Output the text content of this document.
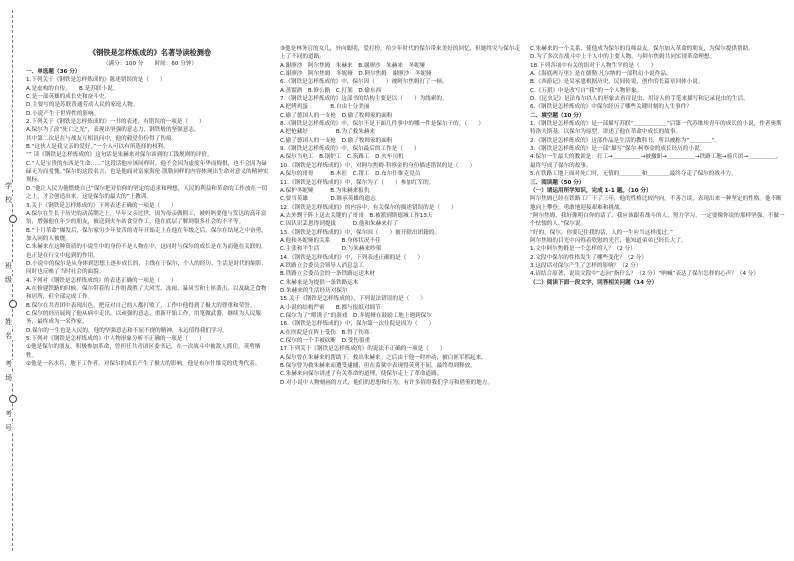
学
校
班
级
姓
名
考
场
考
号
《钢铁是怎样炼成的》名著导读检测卷
（满分：100 分　　时间：60 分钟）
一、单选题（36 分）
1.下列关于《钢铁是怎样炼成的》陈述错误的是（　　）
A.是虚构的自传。　　B.是苏联小说。
C.是一部英雄的成长史和奋斗史。
D.主要写的是苏联普通劳动人民的家庭人物。
D.小说产生于世界性的影响。
2.下列关于《钢铁是怎样炼成的》一书的表述，有错误的一项是（　　）
A.保尔为了改“死亡之光”，表现出坚强的意志力，钢铁般的坚强意志。
其中第二次是在与战友互相讯问中，他的毅党份份得了伤痕。
B.“这伙人是我父亲的爱好。”一个人可以有所选择的权利。
“” 读《钢铁是怎样炼成的》这句话是朱赫来对保尔谈到的工钱规则的评价。
C.“人是宝贵的东西是生命……”这段话他应该同样时，他不会因为虚度年华而悔恨，也不会因为碌碌无为而羞愧。”保尔的这段名言，也是他面对富家海伦·凯勒同样的内容体现出生命对意义的精神实现标。
D.“他让人民为他燃烧自己”保尔把对信仰的坚定的追求和理想，人民的利益和革命的工作放在一切之上，才会创造出来，这是保尔的最大的”上教训。
3.关于《钢铁是怎样炼成的》下列表述正确的一项是（　　）
A.保尔在生长于历史的动荡期之上，早年父亲过世，因为母亲做佣工，被妈妈要他与发达的高年富翁，增强他在年少的朋友，被送到火车站食堂作工，他在底层了解到很多社会的不平等。
B.“十月革命”爆发后，保尔家穷少年贫苦的青年开始走上在他在年级之后，保尔在结尾之中奋勇，加入同的人被烧。
C.朱赫来在这种资质的小说生中的身份不是人物在中，这同时与保尔的成长是在为而他在关联的，也正是在行文中起到的作用。
D.小说中的保尔是从身体到思想上逐步成长的，主线在于保尔，个人的经历、生活是时代的缩影，同时也反映了当时社会的面貌。
4.下列对《钢铁是怎样炼成的》的表述正确的一项是（　　）
A.在修建铁路的时候，保尔带着的工作组战胜了大风雪、冻雨、暴风雪和土匪袭击，以及缺乏食物和居所，但全部完成工作。
B.保尔在共青团中表现出色，把反对自己的人都打败了，工作中他得到了极大的尊重和荣誉。
C.保尔的经历展现了他从病中走出，以顽强的意志，重新开始工作，用笔做武器，继续为人民服务，最终成为一名作家。
D.保尔的一生也是人民的，他的坚强意志和不屈不挠的精神，永远值得我们学习。
5.下列对《钢铁是怎样炼成的》中人物形象分析不正确的一项是（　　）
①他是保尔的朋友，积极参加革命，曾担任共青团区委书记，在一次战斗中被敌人抓住，英勇牺牲。
②他是一名水兵，地下工作者，对保尔的成长产生了极大的影响，他是布尔什维克的优秀代表。
③他是林务官的女儿，外向聪明，爱打扮，给少年时代的保尔带来美好的回忆，但她终究与保尔走上了不同的道路。
A.谢廖沙　阿尔焦姆　朱赫来　B.谢廖沙　朱赫来　冬妮娅
C.谢廖沙　阿尔焦姆　冬妮娅　D.阿尔焦姆　谢廖沙　冬妮娅
6.《钢铁是怎样炼成的》中，保尔因（　　）被阿尔焦姆打了一顿。
A.蒸馏酒　B.修公路　C.打架　D.偷东西
7.《钢铁是怎样炼成的》这部书的结构主要是以（　　）为线索的。
A.把烤鸡蛋　　　　B.自由十分美丽
C.偷了德国人的一支枪　D.偷了牧师家的面粉
8.《钢铁是怎样炼成的》中，保尔不是下面几件事中的哪一件是保尔干的。（　　）
A.把枪藏好　　　　　B.为了救朱赫来
C.偷了德国人的一支枪　D.偷了牧师家的面粉
9.《钢铁是怎样炼成的》中，保尔最后的工作是（　　）
A.保尔当电工　B.锅炉工　C.筑路工　D.火车司机
10.《钢铁是怎样炼成的》中，对阿尔焦姆·科察金的身份描述错误的是（　　）
A.保尔的哥哥　　　B.木匠　C.钳工　D.布尔什维克党员
11.《钢铁是怎样炼成的》中，保尔为了（　　）参加红军的。
A.保护冬妮娅　　　B.为朱赫来报仇
C.要当英雄　　　　D.继承英雄的遗志
12.《钢铁是怎样炼成的》的内容中，有关保尔的描述错误的是（　　）
A.去外甥干阵上送去关键的了哥哥　B.被派到斯德城工作13天
C.因认识丢恩得到提拔　　　D.他和朱赫来打了
13.《钢铁是怎样炼成的》中，保尔因（　　）被开除出团籍的。
A.他和冬妮娅的关系　　B.身体状况不佳
C.主张和平生活　　　　D.与朱赫来吵架
14.《钢铁是怎样炼成的》中，下列表述正确的是（　　）
A.铁路立会委员会领导人消息急工
B.铁路立会委员会的一条铁路运送木材
C.朱赫来是为提供一条铁路运木
D.朱赫来的生活经历对保尔
15.关于《钢铁是怎样炼成的》，下列说法错误的是（　　）
A.小说的结构严密　　B.都与报纸对细节
C.保尔为了“喂诱子”的游戏　D.冬妮娅在鼓励工地上遇到保尔
16.《钢铁是怎样炼成的》中，保尔第一次住院是因为（　　）
A.在医院是在阵上受伤　B.得了伤寒
C.保尔的一个手被砍断　D.受伤很重
17.下列关于《钢铁是怎样炼成的》的说法不正确的一项是（　　）
A.保尔曾在朱赫来的帮助下，救出朱赫来。之后由于他一时冲动，被白匪军抓起来。
B.保尔曾为救朱赫来而遭受逮捕，但在监狱中表现得英勇不屈，最终得到释放。
C.朱赫来向保尔讲述了有关革命的道理，使保尔走上了革命道路。
D.对小说中人物刻画的方式，他们的思想和行为，有许多值得我们学习和借鉴的地方。
C.朱赫来的一个关系，使他成为保尔的良师益友。保尔加入革命的朋友，为保尔提供帮助。
D.为了多次在战斗中上千人中的主要人物，与阿尔焦姆共同实现革命理想。
18.下列各项中有关的组对于人物生平的是（　　）
A.《海底两万里》是在儒勒·凡尔纳的一部科幻小说作品。
B.《西游记》是吴承恩根据历史、民间传说，创作的长篇章回体小说。
C.《五猎》中是改写自“我”的一个人物形象。
D.《昆虫记》是法布尔以人的形象去看待昆虫，用诗人的手笔来描写和记录昆虫的生活。
6.《钢铁是怎样炼成的》中保尔经历了哪些关键时刻的人生事件？
二、填空题（10 分）
1.《钢铁是怎样炼成的》是一部描写苏联“＿＿＿＿＿＿”后第一代苏维埃青年的成长的小说，作者奥斯特洛夫斯基，以保尔为原型，讲述了他在革命中成长的故事。
2.《钢铁是怎样炼成的》这部作品是生活的教科书，所以被称为“＿＿＿＿”。
3.《钢铁是怎样炼成的》是一部“描写”保尔·柯察金的成长经历的小说。
4.保尔一生最大的教训是：打工→＿＿＿＿＿→被撤职→＿＿＿＿＿→铁路工地→骑兵团→＿＿＿＿＿，最终写成了保尔的故事。
5.在铁路工地上面对死亡时，无情的＿＿＿＿和＿＿＿＿最终夺走了保尔的战斗力。
三、阅读题（50 分）
（一）请运用所学知识，完成 1-1 题。（10 分）
阿尔焦姆已经在铁路工厂干了三年，他的性格比较内向，不善言谈，表现出来一种坚定的性格。他不断地向上攀登，勇敢地迎接艰难和挑战。
“阿尔焦姆，我好像明白你的话了。我应该跟着战斗的人，努力学习，一定要像你说的那样坚强，不做一个怯懦的人。”保尔说。
“好的，保尔，你要记住我的话，人的一生应当这样度过。”
阿尔焦姆的目光中闪烁着欣慰的光芒，他知道弟弟已经长大了。
1.文中阿尔焦姆是一个怎样的人？（2 分）
2.文段中保尔的性格发生了哪些变化？（2 分）
3.这段话对保尔产生了怎样的影响？（2 分）
4.请结合原著，说说文段中“志向”指什么？（2 分）“呐喊”表达了保尔怎样的心声？（4 分）
（二）阅读下面一段文字，回答相关问题（14 分）
